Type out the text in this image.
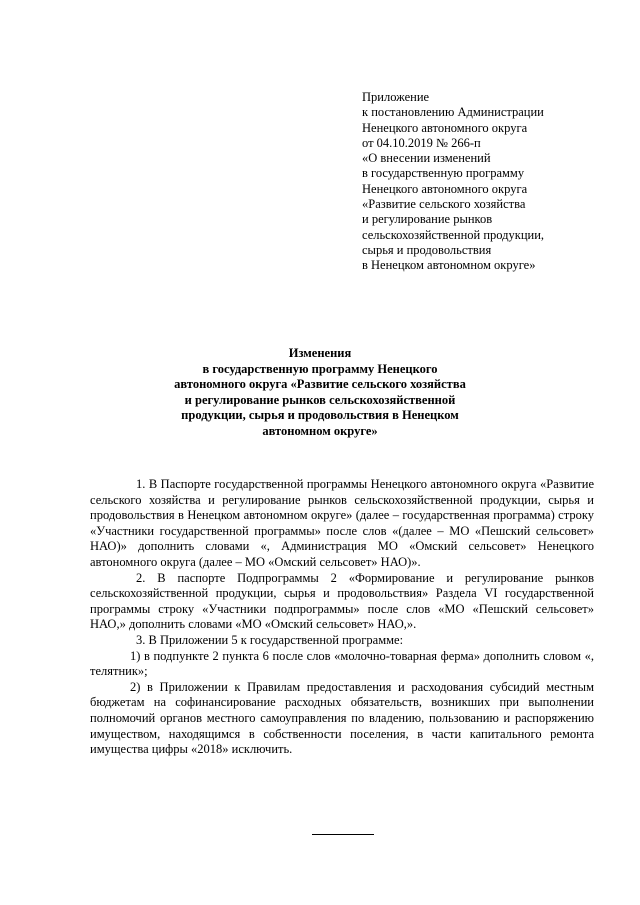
Приложение
к постановлению Администрации
Ненецкого автономного округа
от 04.10.2019 № 266-п
«О внесении изменений
в государственную программу
Ненецкого автономного округа
«Развитие сельского хозяйства
и регулирование рынков
сельскохозяйственной продукции,
сырья и продовольствия
в Ненецком автономном округе»
Изменения
в государственную программу Ненецкого
автономного округа «Развитие сельского хозяйства
и регулирование рынков сельскохозяйственной
продукции, сырья и продовольствия в Ненецком
автономном округе»

1. В Паспорте государственной программы Ненецкого автономного округа «Развитие сельского хозяйства и регулирование рынков сельскохозяйственной продукции, сырья и продовольствия в Ненецком автономном округе» (далее – государственная программа) строку «Участники государственной программы» после слов «(далее – МО «Пешский сельсовет» НАО)» дополнить словами «, Администрация МО «Омский сельсовет» Ненецкого автономного округа (далее – МО «Омский сельсовет» НАО)».

2. В паспорте Подпрограммы 2 «Формирование и регулирование рынков сельскохозяйственной продукции, сырья и продовольствия» Раздела VI государственной программы строку «Участники подпрограммы» после слов «МО «Пешский сельсовет» НАО,» дополнить словами «МО «Омский сельсовет» НАО,».

3. В Приложении 5 к государственной программе:

1) в подпункте 2 пункта 6 после слов «молочно-товарная ферма» дополнить словом «, телятник»;

2) в Приложении к Правилам предоставления и расходования субсидий местным бюджетам на софинансирование расходных обязательств, возникших при выполнении полномочий органов местного самоуправления по владению, пользованию и распоряжению имуществом, находящимся в собственности поселения, в части капитального ремонта имущества цифры «2018» исключить.
